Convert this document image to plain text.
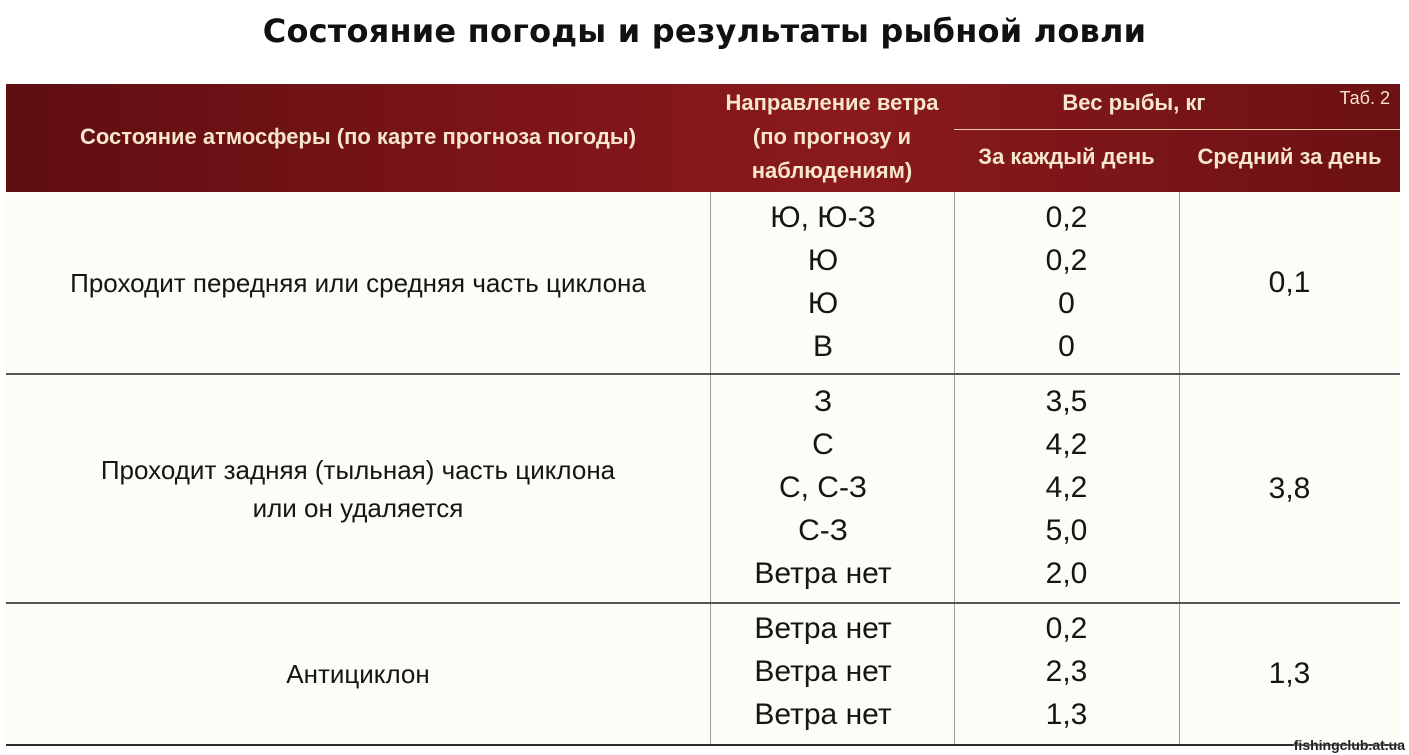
Состояние погоды и результаты рыбной ловли
Состояние атмосферы (по карте прогноза погоды)
Направление ветра
(по прогнозу и
наблюдениям)
Вес рыбы, кг	Таб. 2
За каждый день	Средний за день
Проходит передняя или средняя часть циклона
Ю, Ю-З
Ю
Ю
В
0,2
0,2
0
0
0,1
Проходит задняя (тыльная) часть циклона или он удаляется
З
С
С, С-З
С-З
Ветра нет
3,5
4,2
4,2
5,0
2,0
3,8
Антициклон
Ветра нет
Ветра нет
Ветра нет
0,2
2,3
1,3
1,3
fishingclub.at.ua
